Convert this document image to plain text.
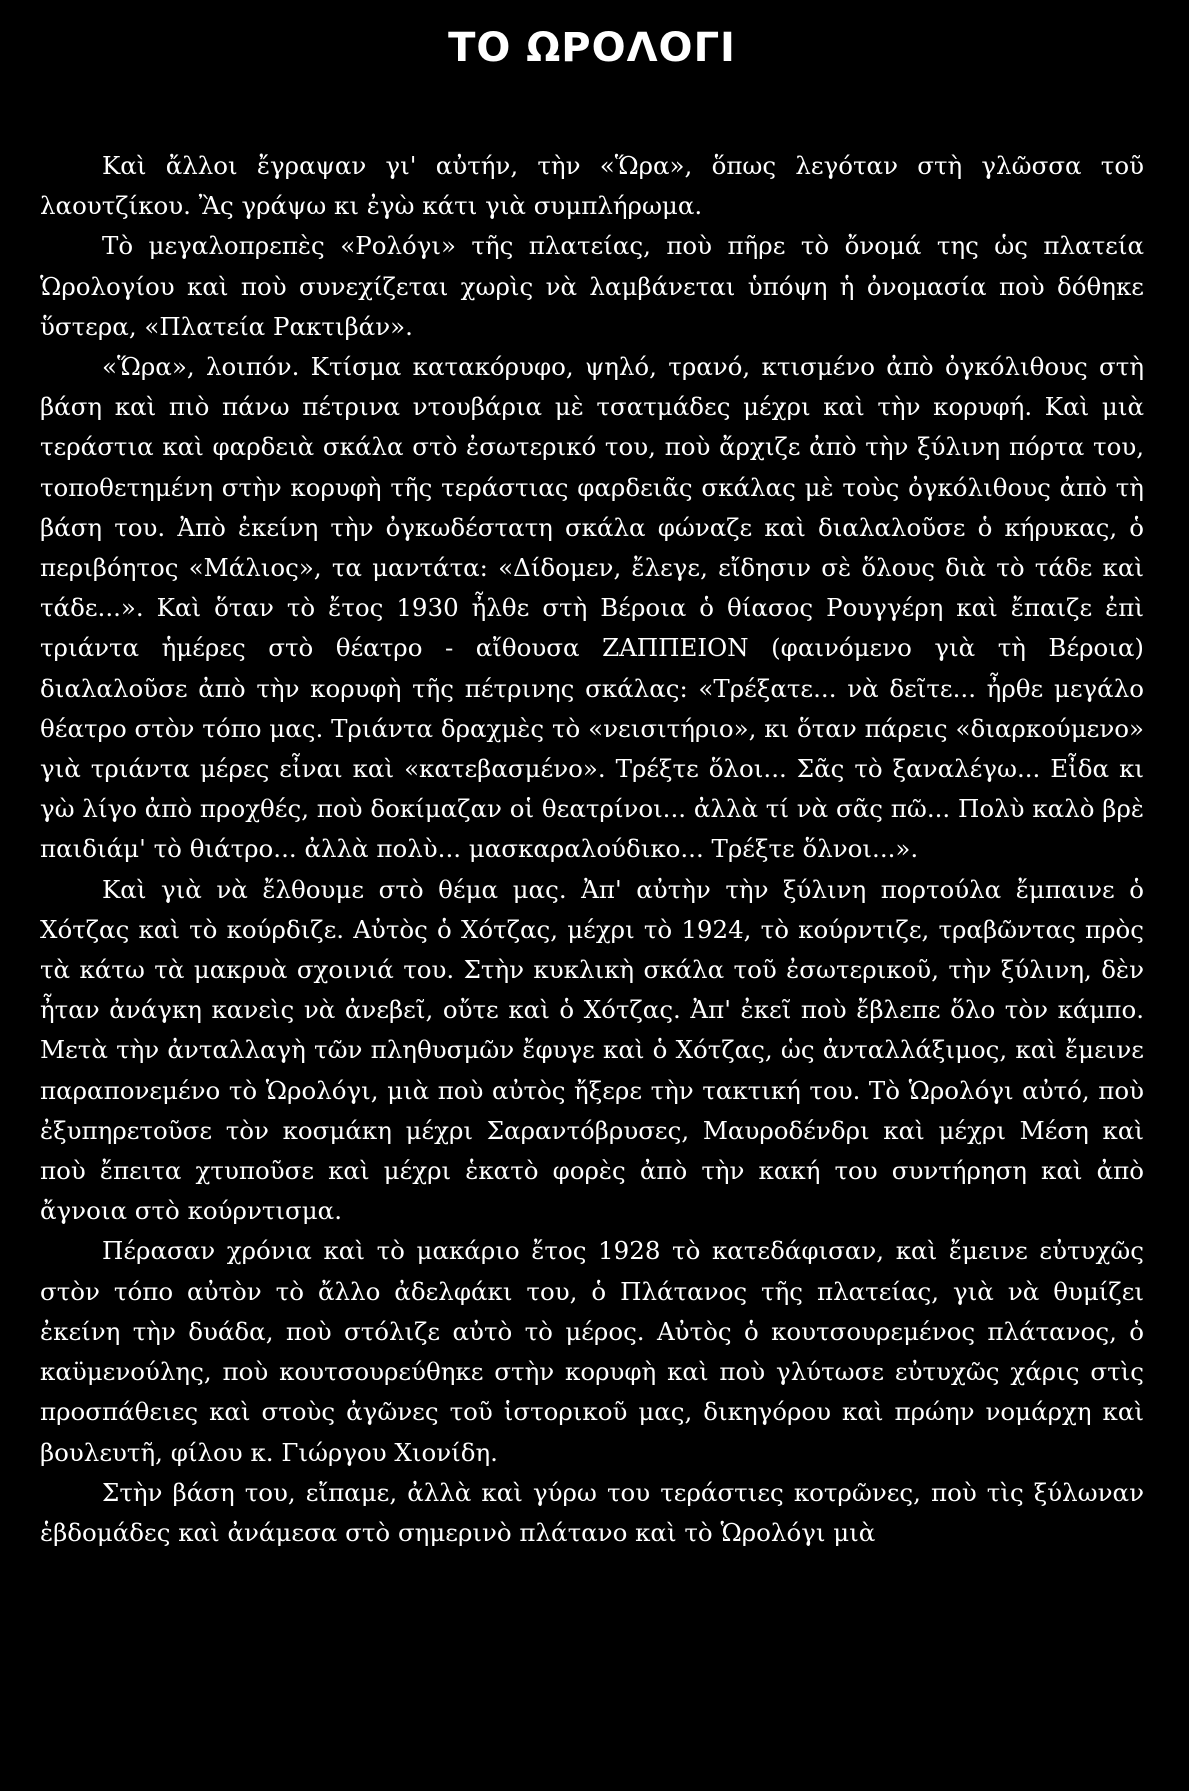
ΤΟ ΩΡΟΛΟΓΙ

Καὶ ἄλλοι ἔγραψαν γι' αὐτήν, τὴν «Ὥρα», ὅπως λεγόταν στὴ γλῶσσα τοῦ λαουτζίκου. Ἂς γράψω κι ἐγὼ κάτι γιὰ συμπλήρωμα.

Τὸ μεγαλοπρεπὲς «Ρολόγι» τῆς πλατείας, ποὺ πῆρε τὸ ὄνομά της ὡς πλατεία Ὡρολογίου καὶ ποὺ συνεχίζεται χωρὶς νὰ λαμβάνεται ὑπόψη ἡ ὀνομασία ποὺ δόθηκε ὕστερα, «Πλατεία Ρακτιβάν».

«Ὥρα», λοιπόν. Κτίσμα κατακόρυφο, ψηλό, τρανό, κτισμένο ἀπὸ ὀγκόλιθους στὴ βάση καὶ πιὸ πάνω πέτρινα ντουβάρια μὲ τσατμάδες μέχρι καὶ τὴν κορυφή. Καὶ μιὰ τεράστια καὶ φαρδειὰ σκάλα στὸ ἐσωτερικό του, ποὺ ἄρχιζε ἀπὸ τὴν ξύλινη πόρτα του, τοποθετημένη στὴν κορυφὴ τῆς τεράστιας φαρδειᾶς σκάλας μὲ τοὺς ὀγκόλιθους ἀπὸ τὴ βάση του. Ἀπὸ ἐκείνη τὴν ὀγκωδέστατη σκάλα φώναζε καὶ διαλαλοῦσε ὁ κήρυκας, ὁ περιβόητος «Μάλιος», τα μαντάτα: «Δίδομεν, ἔλεγε, εἴδησιν σὲ ὅλους διὰ τὸ τάδε καὶ τάδε...». Καὶ ὅταν τὸ ἔτος 1930 ἦλθε στὴ Βέροια ὁ θίασος Ρουγγέρη καὶ ἔπαιζε ἐπὶ τριάντα ἡμέρες στὸ θέατρο - αἴθουσα ΖΑΠΠΕΙΟΝ (φαινόμενο γιὰ τὴ Βέροια) διαλαλοῦσε ἀπὸ τὴν κορυφὴ τῆς πέτρινης σκάλας: «Τρέξατε... νὰ δεῖτε... ἦρθε μεγάλο θέατρο στὸν τόπο μας. Τριάντα δραχμὲς τὸ «νεισιτήριο», κι ὅταν πάρεις «διαρκούμενο» γιὰ τριάντα μέρες εἶναι καὶ «κατεβασμένο». Τρέξτε ὅλοι... Σᾶς τὸ ξαναλέγω... Εἶδα κι γὼ λίγο ἀπὸ προχθές, ποὺ δοκίμαζαν οἱ θεατρίνοι... ἀλλὰ τί νὰ σᾶς πῶ... Πολὺ καλὸ βρὲ παιδιάμ' τὸ θιάτρο... ἀλλὰ πολὺ... μασκαραλούδικο... Τρέξτε ὅλνοι...».

Καὶ γιὰ νὰ ἔλθουμε στὸ θέμα μας. Ἀπ' αὐτὴν τὴν ξύλινη πορτούλα ἔμπαινε ὁ Χότζας καὶ τὸ κούρδιζε. Αὐτὸς ὁ Χότζας, μέχρι τὸ 1924, τὸ κούρντιζε, τραβῶντας πρὸς τὰ κάτω τὰ μακρυὰ σχοινιά του. Στὴν κυκλικὴ σκάλα τοῦ ἐσωτερικοῦ, τὴν ξύλινη, δὲν ἦταν ἀνάγκη κανεὶς νὰ ἀνεβεῖ, οὔτε καὶ ὁ Χότζας. Ἀπ' ἐκεῖ ποὺ ἔβλεπε ὅλο τὸν κάμπο. Μετὰ τὴν ἀνταλλαγὴ τῶν πληθυσμῶν ἔφυγε καὶ ὁ Χότζας, ὡς ἀνταλλάξιμος, καὶ ἔμεινε παραπονεμένο τὸ Ὡρολόγι, μιὰ ποὺ αὐτὸς ἤξερε τὴν τακτική του. Τὸ Ὡρολόγι αὐτό, ποὺ ἐξυπηρετοῦσε τὸν κοσμάκη μέχρι Σαραντόβρυσες, Μαυροδένδρι καὶ μέχρι Μέση καὶ ποὺ ἔπειτα χτυποῦσε καὶ μέχρι ἑκατὸ φορὲς ἀπὸ τὴν κακή του συντήρηση καὶ ἀπὸ ἄγνοια στὸ κούρντισμα.

Πέρασαν χρόνια καὶ τὸ μακάριο ἔτος 1928 τὸ κατεδάφισαν, καὶ ἔμεινε εὐτυχῶς στὸν τόπο αὐτὸν τὸ ἄλλο ἀδελφάκι του, ὁ Πλάτανος τῆς πλατείας, γιὰ νὰ θυμίζει ἐκείνη τὴν δυάδα, ποὺ στόλιζε αὐτὸ τὸ μέρος. Αὐτὸς ὁ κουτσουρεμένος πλάτανος, ὁ καϋμενούλης, ποὺ κουτσουρεύθηκε στὴν κορυφὴ καὶ ποὺ γλύτωσε εὐτυχῶς χάρις στὶς προσπάθειες καὶ στοὺς ἀγῶνες τοῦ ἱστορικοῦ μας, δικηγόρου καὶ πρώην νομάρχη καὶ βουλευτῆ, φίλου κ. Γιώργου Χιονίδη.

Στὴν βάση του, εἴπαμε, ἀλλὰ καὶ γύρω του τεράστιες κοτρῶνες, ποὺ τὶς ξύλωναν ἑβδομάδες καὶ ἀνάμεσα στὸ σημερινὸ πλάτανο καὶ τὸ Ὡρολόγι μιὰ
